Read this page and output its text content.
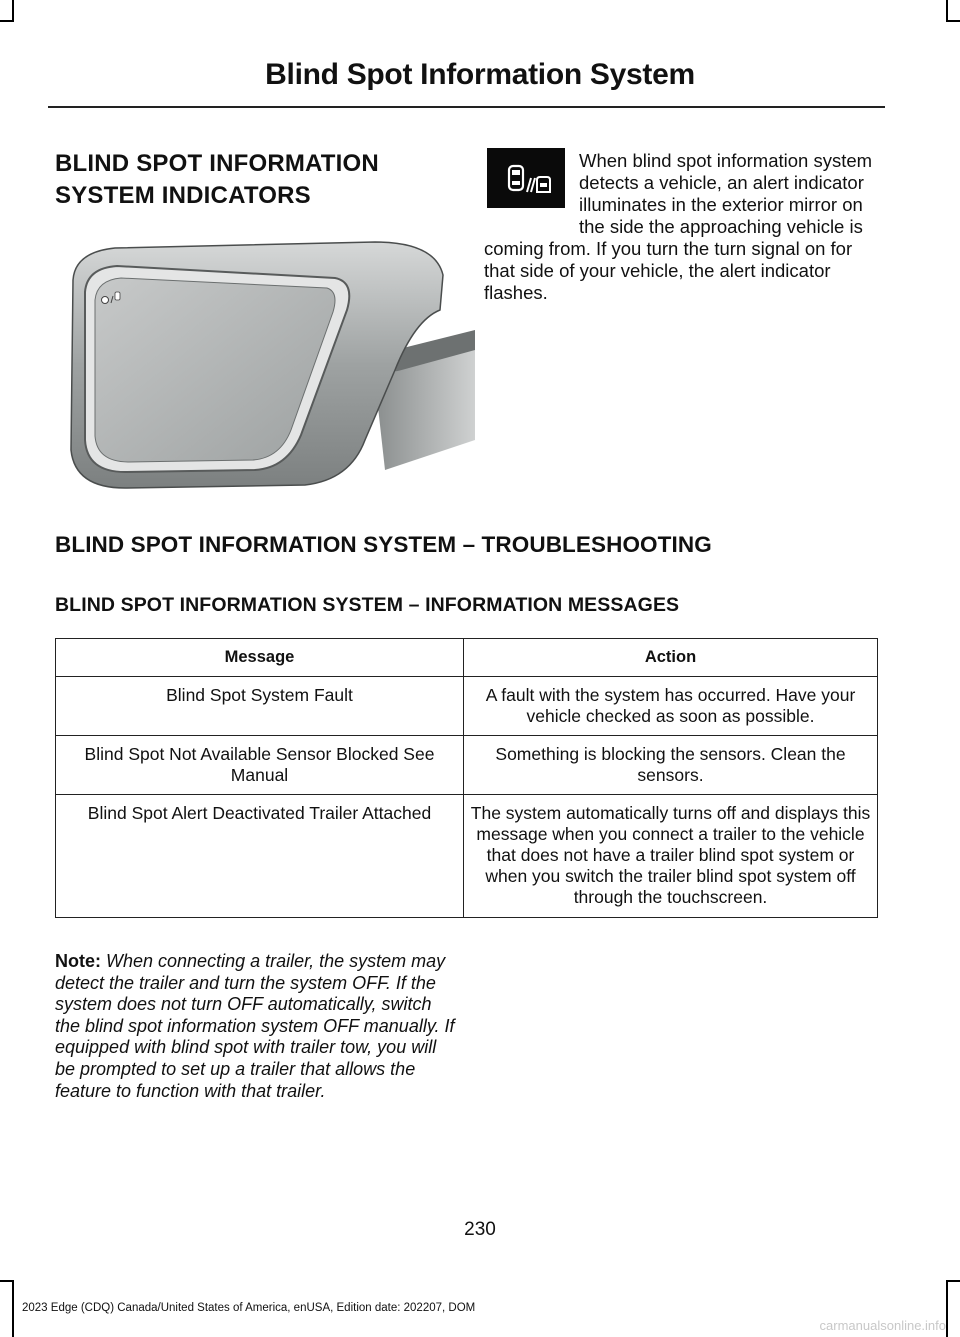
Blind Spot Information System
BLIND SPOT INFORMATION SYSTEM INDICATORS
When blind spot information system detects a vehicle, an alert indicator illuminates in the exterior mirror on the side the approaching vehicle is coming from. If you turn the turn signal on for that side of your vehicle, the alert indicator flashes.
BLIND SPOT INFORMATION SYSTEM – TROUBLESHOOTING
BLIND SPOT INFORMATION SYSTEM – INFORMATION MESSAGES
Message	Action
Blind Spot System Fault	A fault with the system has occurred. Have your vehicle checked as soon as possible.
Blind Spot Not Available Sensor Blocked See Manual	Something is blocking the sensors. Clean the sensors.
Blind Spot Alert Deactivated Trailer Attached	The system automatically turns off and displays this message when you connect a trailer to the vehicle that does not have a trailer blind spot system or when you switch the trailer blind spot system off through the touchscreen.
Note: When connecting a trailer, the system may detect the trailer and turn the system OFF. If the system does not turn OFF automatically, switch the blind spot information system OFF manually. If equipped with blind spot with trailer tow, you will be prompted to set up a trailer that allows the feature to function with that trailer.
230
2023 Edge (CDQ) Canada/United States of America, enUSA, Edition date: 202207, DOM
carmanualsonline.info
